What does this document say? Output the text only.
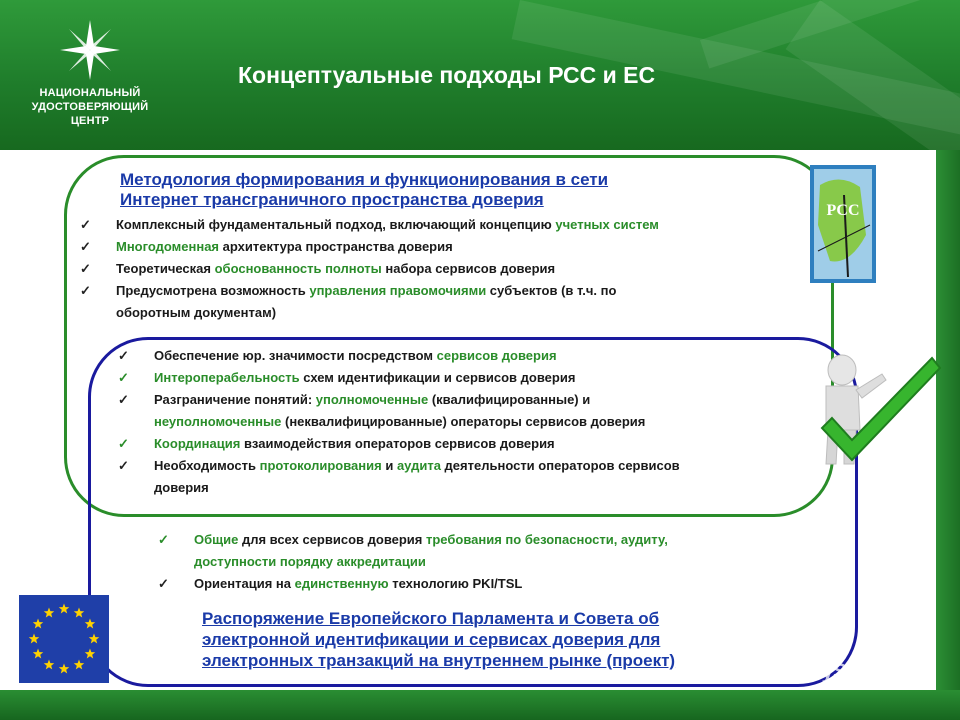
НАЦИОНАЛЬНЫЙ
УДОСТОВЕРЯЮЩИЙ
ЦЕНТР
Концептуальные подходы РСС и ЕС
Методология формирования и функционирования в сети
Интернет трансграничного пространства доверия
✓ Комплексный фундаментальный подход, включающий концепцию учетных систем
✓ Многодоменная архитектура пространства доверия
✓ Теоретическая обоснованность полноты набора сервисов доверия
✓ Предусмотрена возможность управления правомочиями субъектов (в т.ч. по
оборотным документам)
✓ Обеспечение юр. значимости посредством сервисов доверия
✓ Интероперабельность схем идентификации и сервисов доверия
✓ Разграничение понятий: уполномоченные (квалифицированные) и
неуполномоченные (неквалифицированные) операторы сервисов доверия
✓ Координация взаимодействия операторов сервисов доверия
✓ Необходимость протоколирования и аудита деятельности операторов сервисов
доверия
✓ Общие для всех сервисов доверия требования по безопасности, аудиту,
доступности порядку аккредитации
✓ Ориентация на единственную технологию PKI/TSL
Распоряжение Европейского Парламента и Совета об
электронной идентификации и сервисах доверия для
электронных транзакций на внутреннем рынке (проект)
РСС
MyShared
